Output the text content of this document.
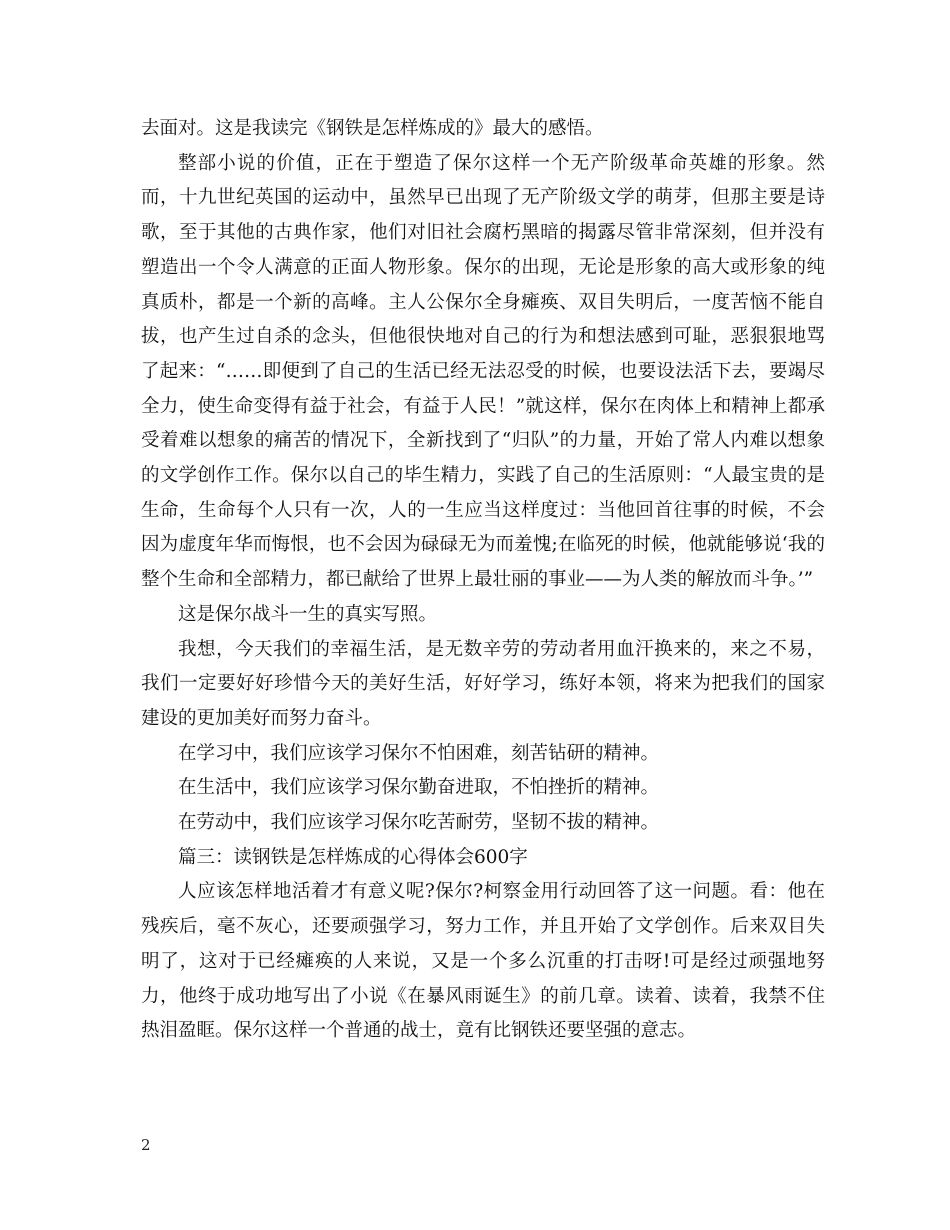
去面对。这是我读完《钢铁是怎样炼成的》最大的感悟。

整部小说的价值，正在于塑造了保尔这样一个无产阶级革命英雄的形象。然而，十九世纪英国的运动中，虽然早已出现了无产阶级文学的萌芽，但那主要是诗歌，至于其他的古典作家，他们对旧社会腐朽黑暗的揭露尽管非常深刻，但并没有塑造出一个令人满意的正面人物形象。保尔的出现，无论是形象的高大或形象的纯真质朴，都是一个新的高峰。主人公保尔全身瘫痪、双目失明后，一度苦恼不能自拔，也产生过自杀的念头，但他很快地对自己的行为和想法感到可耻，恶狠狠地骂了起来：“……即便到了自己的生活已经无法忍受的时候，也要设法活下去，要竭尽全力，使生命变得有益于社会，有益于人民！”就这样，保尔在肉体上和精神上都承受着难以想象的痛苦的情况下，全新找到了“归队”的力量，开始了常人内难以想象的文学创作工作。保尔以自己的毕生精力，实践了自己的生活原则：“人最宝贵的是生命，生命每个人只有一次，人的一生应当这样度过：当他回首往事的时候，不会因为虚度年华而悔恨，也不会因为碌碌无为而羞愧;在临死的时候，他就能够说‘我的整个生命和全部精力，都已献给了世界上最壮丽的事业——为人类的解放而斗争。’”

这是保尔战斗一生的真实写照。

我想，今天我们的幸福生活，是无数辛劳的劳动者用血汗换来的，来之不易，我们一定要好好珍惜今天的美好生活，好好学习，练好本领，将来为把我们的国家建设的更加美好而努力奋斗。

在学习中，我们应该学习保尔不怕困难，刻苦钻研的精神。

在生活中，我们应该学习保尔勤奋进取，不怕挫折的精神。

在劳动中，我们应该学习保尔吃苦耐劳，坚韧不拔的精神。

篇三：读钢铁是怎样炼成的心得体会600字

人应该怎样地活着才有意义呢?保尔?柯察金用行动回答了这一问题。看：他在残疾后，毫不灰心，还要顽强学习，努力工作，并且开始了文学创作。后来双目失明了，这对于已经瘫痪的人来说，又是一个多么沉重的打击呀!可是经过顽强地努力，他终于成功地写出了小说《在暴风雨诞生》的前几章。读着、读着，我禁不住热泪盈眶。保尔这样一个普通的战士，竟有比钢铁还要坚强的意志。

2
